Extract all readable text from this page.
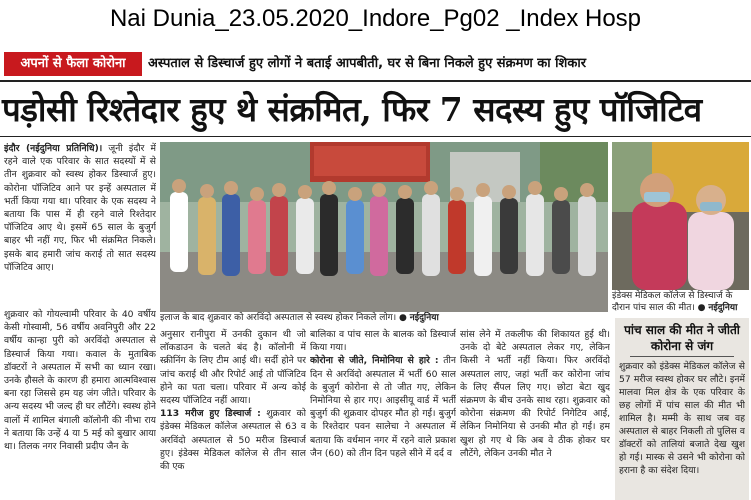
Nai Dunia_23.05.2020_Indore_Pg02 _Index Hosp
अपनों से फैला कोरोना	अस्पताल से डिस्चार्ज हुए लोगों ने बताई आपबीती, घर से बिना निकले हुए संक्रमण का शिकार
पड़ोसी रिश्तेदार हुए थे संक्रमित, फिर 7 सदस्य हुए पॉजिटिव

इंदौर (नईदुनिया प्रतिनिधि)। जूनी इंदौर में रहने वाले एक परिवार के सात सदस्यों में से तीन शुक्रवार को स्वस्थ होकर डिस्चार्ज हुए। कोरोना पॉजिटिव आने पर इन्हें अस्पताल में भर्ती किया गया था। परिवार के एक सदस्य ने बताया कि पास में ही रहने वाले रिश्तेदार पॉजिटिव आए थे। इसमें 65 साल के बुजुर्ग बाहर भी नहीं गए, फिर भी संक्रमित निकले। इसके बाद हमारी जांच कराई तो सात सदस्य पॉजिटिव आए।

शुक्रवार को गोयल्वामी परिवार के 40 वर्षीय केसी गोस्वामी, 56 वर्षीय अवनिपुरी और 22 वर्षीय कान्हा पुरी को अरविंदो अस्पताल से डिस्चार्ज किया गया। कवाल के मुताबिक डॉक्टरों ने अस्पताल में सभी का ध्यान रखा। उनके हौसले के कारण ही हमारा आत्मविश्वास बना रहा जिससे हम यह जंग जीते। परिवार के अन्य सदस्य भी जल्द ही घर लौटेंगे। स्वस्थ होने वालों में शामिल बंगाली कॉलोनी की नीभा राय ने बताया कि उन्हें 4 या 5 मई को बुखार आया था। तिलक नगर निवासी प्रदीप जैन के

इलाज के बाद शुक्रवार को अरविंदो अस्पताल से स्वस्थ होकर निकले लोग। ● नईदुनिया
इंडेक्स मेडिकल कॉलेज से डिस्चार्ज के दौरान पांच साल की मीत। ● नईदुनिया

अनुसार रानीपुरा में उनकी दुकान थी जो लॉकडाउन के चलते बंद है। कॉलोनी में स्क्रीनिंग के लिए टीम आई थी। सर्दी होने पर जांच कराई थी और रिपोर्ट आई तो पॉजिटिव होने का पता चला। परिवार में अन्य कोई सदस्य पॉजिटिव नहीं आया।

113 मरीज हुए डिस्चार्ज : शुक्रवार को इंडेक्स मेडिकल कॉलेज अस्पताल से 63 व अरविंदो अस्पताल से 50 मरीज डिस्चार्ज हुए। इंडेक्स मेडिकल कॉलेज से तीन साल की एक

बालिका व पांच साल के बालक को डिस्चार्ज किया गया।

कोरोना से जीते, निमोनिया से हारे : तीन दिन से अरविंदो अस्पताल में भर्ती 60 साल के बुजुर्ग कोरोना से तो जीत गए, लेकिन निमोनिया से हार गए। आइसीयू वार्ड में भर्ती बुजुर्ग की शुक्रवार दोपहर मौत हो गई। बुजुर्ग के रिश्तेदार पवन सालेचा ने अस्पताल में बताया कि वर्धमान नगर में रहने वाले प्रकाश जैन (60) को तीन दिन पहले सीने में दर्द व

सांस लेने में तकलीफ की शिकायत हुई थी। उनके दो बेटे अस्पताल लेकर गए, लेकिन किसी ने भर्ती नहीं किया। फिर अरविंदो अस्पताल लाए, जहां भर्ती कर कोरोना जांच के लिए सैंपल लिए गए। छोटा बेटा खुद संक्रमण के बीच उनके साथ रहा। शुक्रवार को कोरोना संक्रमण की रिपोर्ट निगेटिव आई, लेकिन निमोनिया से उनकी मौत हो गई। हम खुश हो गए थे कि अब वे ठीक होकर घर लौटेंगे, लेकिन उनकी मौत ने

पांच साल की मीत ने जीती कोरोना से जंग
शुक्रवार को इंडेक्स मेडिकल कॉलेज से 57 मरीज स्वस्थ होकर घर लौटे। इनमें मालवा मिल क्षेत्र के एक परिवार के छह लोगों में पांच साल की मीत भी शामिल है। मम्मी के साथ जब वह अस्पताल से बाहर निकली तो पुलिस व डॉक्टरों को तालियां बजाते देख खुश हो गई। मास्क से उसने भी कोरोना को हराना है का संदेश दिया।
